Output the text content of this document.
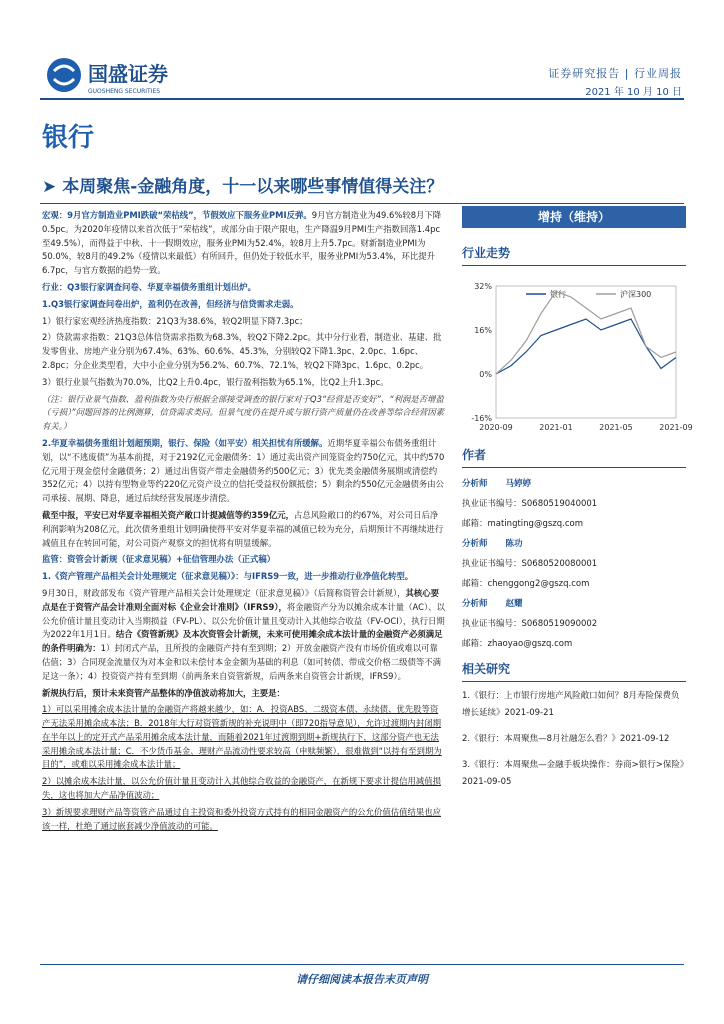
国盛证券
GUOSHENG SECURITIES
证券研究报告 | 行业周报
2021 年 10 月 10 日
银行
➤ 本周聚焦-金融角度，十一以来哪些事情值得关注？

宏观：9月官方制造业PMI跌破“荣枯线”，节假效应下服务业PMI反弹。9月官方制造业为49.6%较8月下降0.5pc。为2020年疫情以来首次低于“荣枯线”，或部分由于限产限电，生产降温9月PMI生产指数回落1.4pc至49.5%），而得益于中秋、十一假期效应，服务业PMI为52.4%，较8月上升5.7pc。财新制造业PMI为50.0%，较8月的49.2%（疫情以来最低）有所回升，但仍处于较低水平，服务业PMI为53.4%，环比提升6.7pc，与官方数据的趋势一致。

行业：Q3银行家调查问卷、华夏幸福债务重组计划出炉。

1.Q3银行家调查问卷出炉，盈利仍在改善，但经济与信贷需求走弱。

1）银行家宏观经济热度指数：21Q3为38.6%，较Q2明显下降7.3pc；

2）贷款需求指数：21Q3总体信贷需求指数为68.3%，较Q2下降2.2pc。其中分行业看，制造业、基建、批发零售业、房地产业分别为67.4%、63%、60.6%、45.3%，分别较Q2下降1.3pc、2.0pc、1.6pc、2.8pc；分企业类型看，大中小企业分别为56.2%、60.7%、72.1%，较Q2下降3pc、1.6pc、0.2pc。

3）银行业景气指数为70.0%，比Q2上升0.4pc，银行盈利指数为65.1%，比Q2上升1.3pc。

（注：银行业景气指数、盈利指数为央行根据全部接受调查的银行家对于Q3“经营是否变好”、“利润是否增盈（亏损）”问题回答的比例测算，信贷需求类同。但景气度仍在提升或与银行资产质量仍在改善等综合经营因素有关。）

2.华夏幸福债务重组计划超预期，银行、保险（如平安）相关担忧有所缓解。近期华夏幸福公布债务重组计划，以“不逃废债”为基本前提，对于2192亿元金融债务：1）通过卖出资产回笼资金约750亿元，其中约570亿元用于现金偿付金融债务；2）通过出售资产带走金融债务约500亿元；3）优先类金融债务展期或清偿约352亿元；4）以持有型物业等约220亿元资产设立的信托受益权份额抵偿；5）剩余约550亿元金融债务由公司承接、展期、降息，通过后续经营发展逐步清偿。

截至中报，平安已对华夏幸福相关资产敞口计提减值等约359亿元，占总风险敞口的约67%，对公司日后净利润影响为208亿元，此次债务重组计划明确使得平安对华夏幸福的减值已较为充分，后期预计不再继续进行减值且存在转回可能，对公司资产观察文的担忧将有明显缓解。

监管：资管会计新规（征求意见稿）+征信管理办法（正式稿）

1.《资产管理产品相关会计处理规定（征求意见稿）》：与IFRS9一致，进一步推动行业净值化转型。

9月30日，财政部发布《资产管理产品相关会计处理规定（征求意见稿）》（后简称资管会计新规），其核心要点是在于资管产品会计准则全面对标《企业会计准则》（IFRS9），将金融资产分为以摊余成本计量（AC）、以公允价值计量且变动计入当期损益（FV-PL）、以公允价值计量且变动计入其他综合收益（FV-OCI），执行日期为2022年1月1日。结合《资管新规》及本次资管会计新规，未来可使用摊余成本法计量的金融资产必须满足的条件明确为：1）封闭式产品，且所投的金融资产持有至到期；2）开放金融资产没有市场价值或难以可靠估值；3）合同现金流量仅为对本金和以未偿付本金金额为基础的利息（如可转债、带成交价格二级债等不满足这一条）；4）投资资产持有至到期（前两条来自资管新规，后两条来自资管会计新规，IFRS9）。

新规执行后，预计未来资管产品整体的净值波动将加大，主要是：

1）可以采用摊余成本法计量的金融资产将越来越少，如：A．投资ABS、二级资本债、永续债、优先股等资产无法采用摊余成本法；B．2018年大行对资管新规的补充说明中（即720指导意见），允许过渡期内封闭期在半年以上的定开式产品采用摊余成本法计量，而随着2021年过渡期到期+新规执行下，这部分资产也无法采用摊余成本法计量；C．不少货币基金、理财产品流动性要求较高（申赎频繁），很难做到“以持有至到期为目的”，或难以采用摊余成本法计量；

2）以摊余成本法计量，以公允价值计量且变动计入其他综合收益的金融资产，在新规下要求计提信用减值损失，这也将加大产品净值波动；

3）新规要求理财产品等资管产品通过自主投资和委外投资方式持有的相同金融资产的公允价值估值结果也应该一样，杜绝了通过嵌套减少净值波动的可能。

增持（维持）
行业走势
-16%
0%
16%
32%
2020-09	2021-01	2021-05	2021-09
银行	沪深300
作者
分析师 马婷婷
执业证书编号：S0680519040001
邮箱：matingting@gszq.com
分析师 陈功
执业证书编号：S0680520080001
邮箱：chenggong2@gszq.com
分析师 赵耀
执业证书编号：S0680519090002
邮箱：zhaoyao@gszq.com
相关研究
1.《银行：上市银行房地产风险敞口如何？8月寿险保费负增长延续》2021-09-21
2.《银行：本周聚焦—8月社融怎么看？》2021-09-12
3.《银行：本周聚焦—金融手板块操作：券商>银行>保险》2021-09-05
请仔细阅读本报告末页声明
